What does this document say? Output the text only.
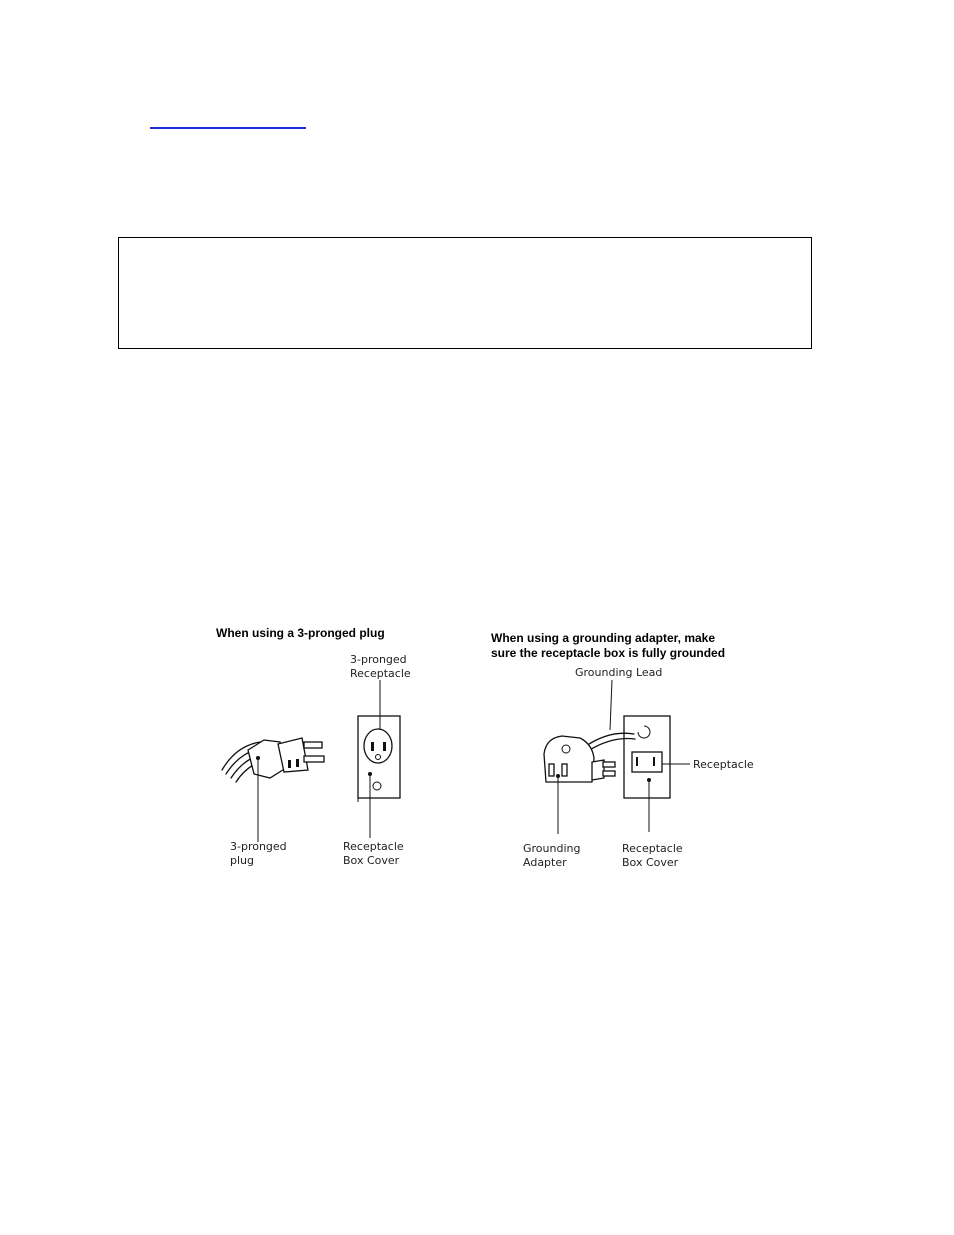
When using a 3-pronged plug
3-pronged
Receptacle
3-pronged
plug
Receptacle
Box Cover
When using a grounding adapter, make
sure the receptacle box is fully grounded
Grounding Lead
Receptacle
Grounding
Adapter
Receptacle
Box Cover
